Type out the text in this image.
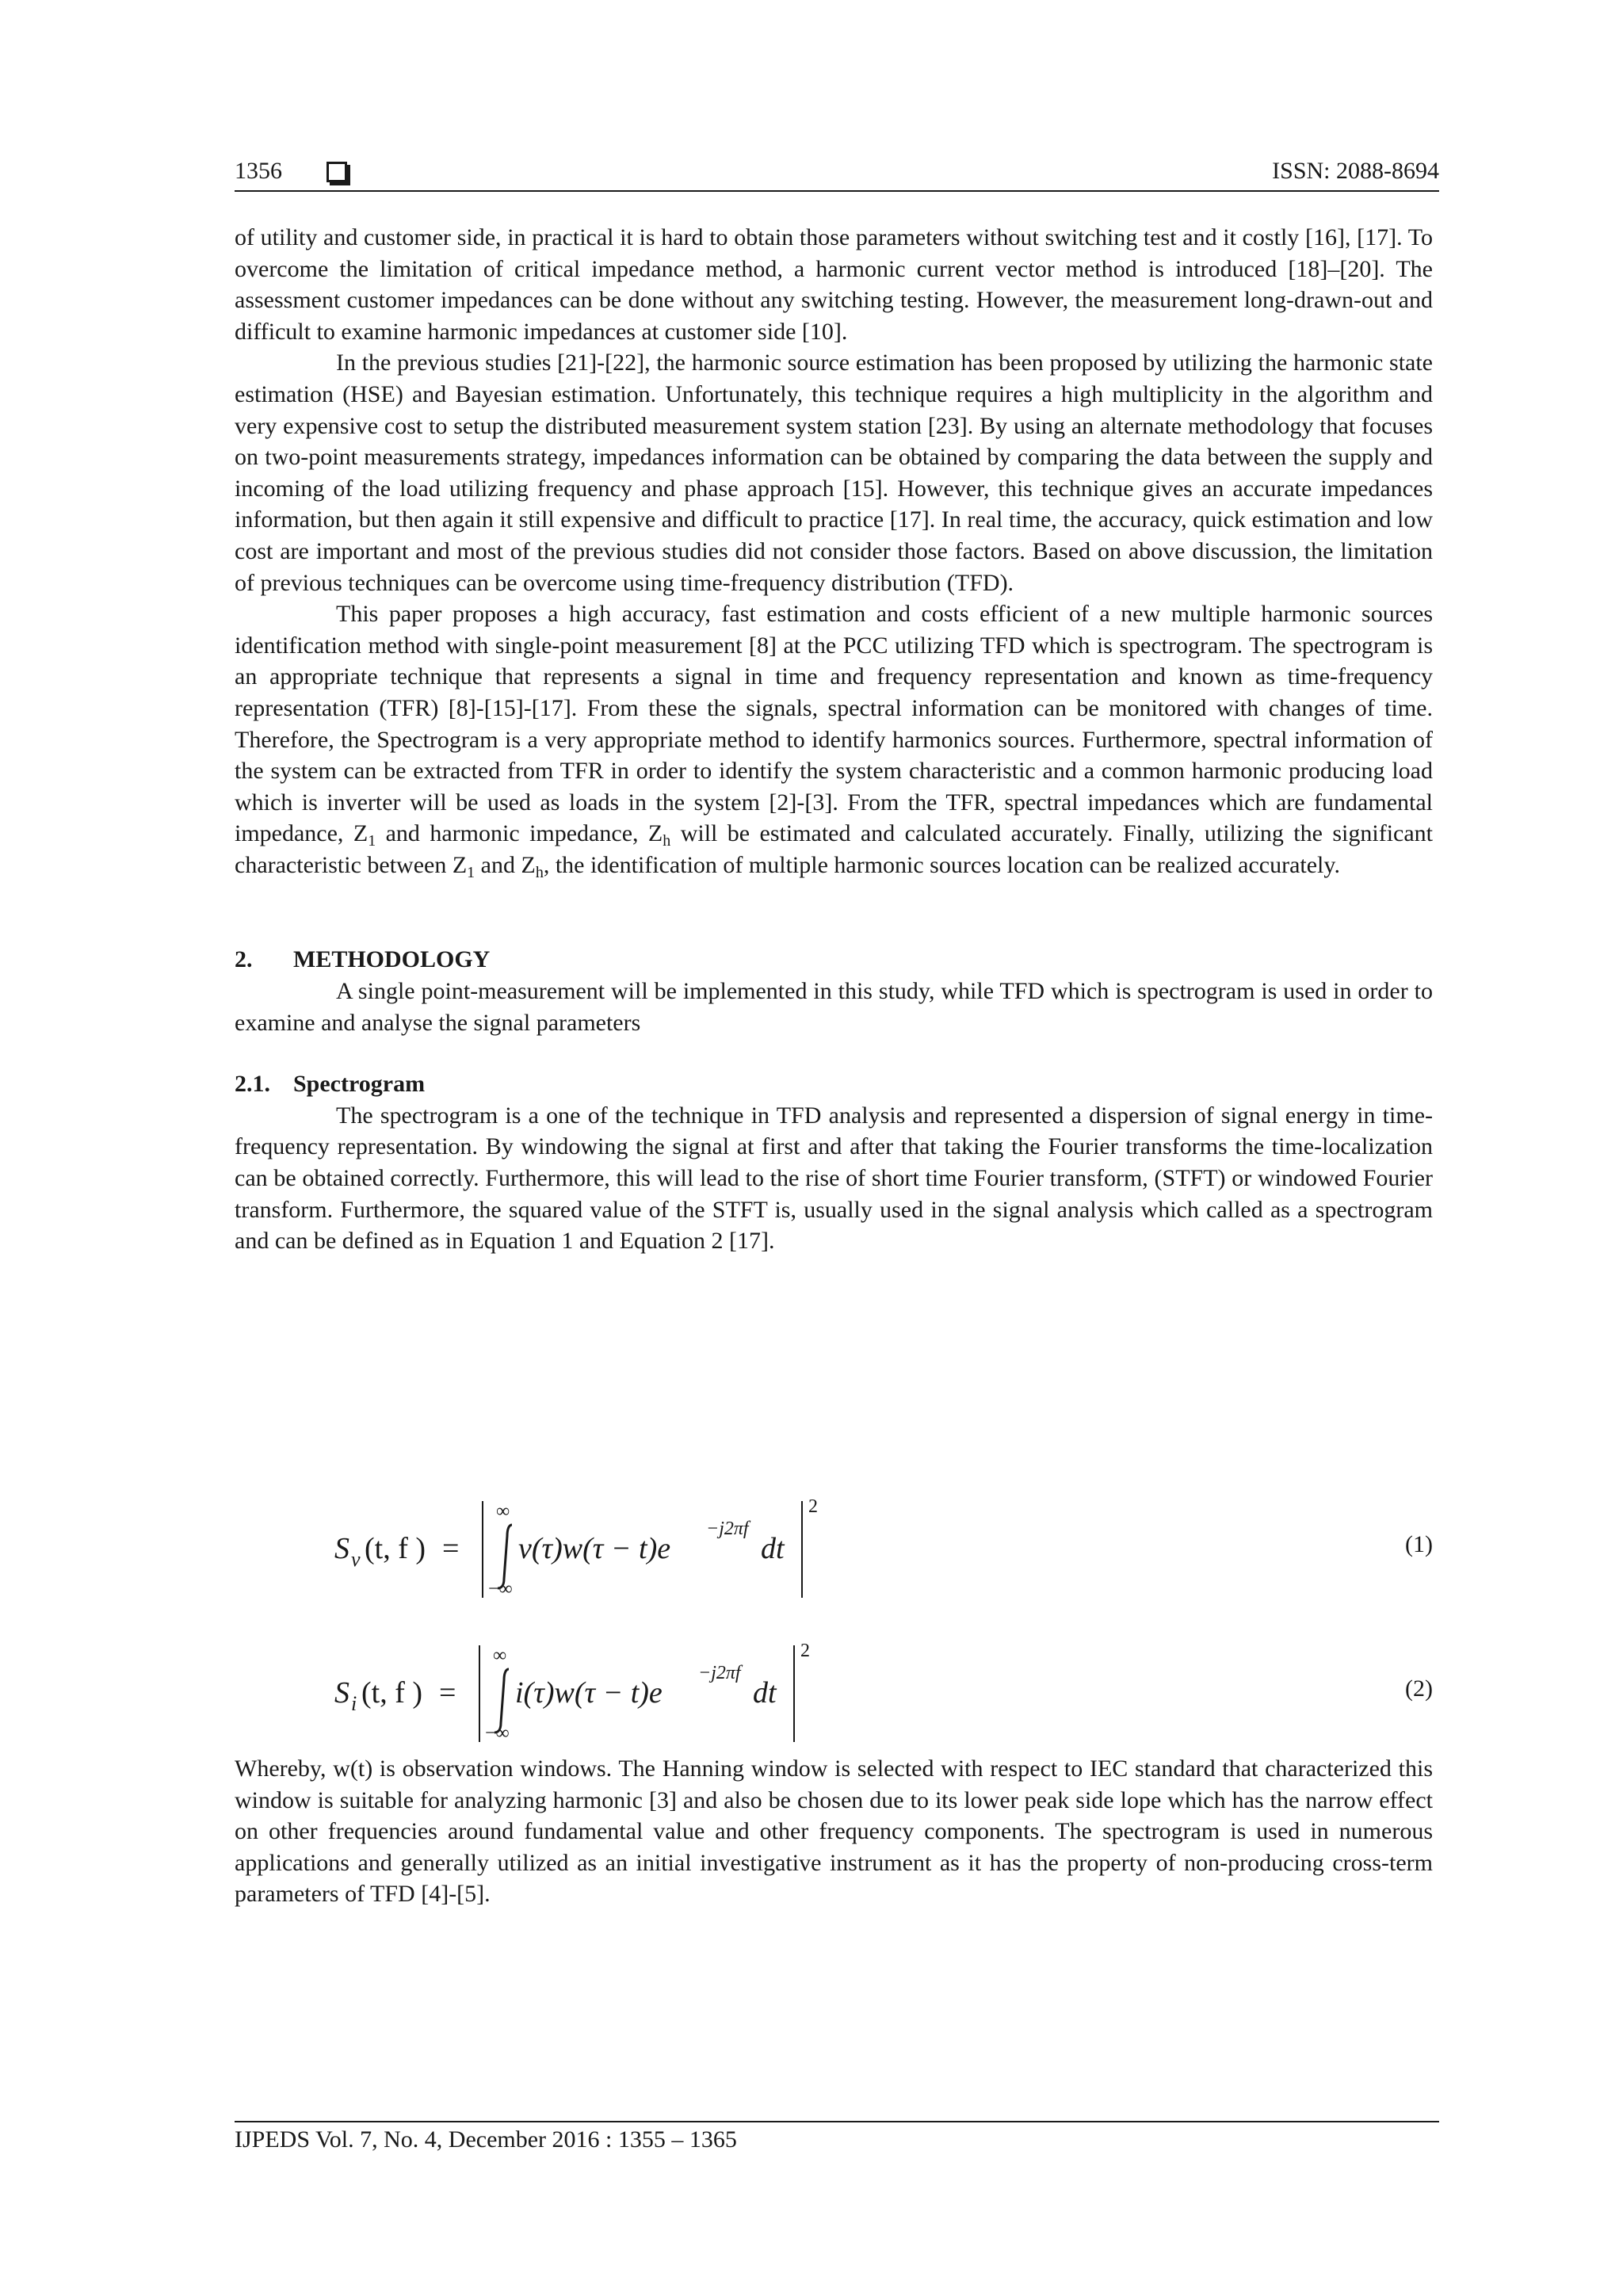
1356	ISSN: 2088-8694

of utility and customer side, in practical it is hard to obtain those parameters without switching test and it costly [16], [17]. To overcome the limitation of critical impedance method, a harmonic current vector method is introduced [18]–[20]. The assessment customer impedances can be done without any switching testing. However, the measurement long-drawn-out and difficult to examine harmonic impedances at customer side [10].

In the previous studies [21]-[22], the harmonic source estimation has been proposed by utilizing the harmonic state estimation (HSE) and Bayesian estimation. Unfortunately, this technique requires a high multiplicity in the algorithm and very expensive cost to setup the distributed measurement system station [23]. By using an alternate methodology that focuses on two-point measurements strategy, impedances information can be obtained by comparing the data between the supply and incoming of the load utilizing frequency and phase approach [15]. However, this technique gives an accurate impedances information, but then again it still expensive and difficult to practice [17]. In real time, the accuracy, quick estimation and low cost are important and most of the previous studies did not consider those factors. Based on above discussion, the limitation of previous techniques can be overcome using time-frequency distribution (TFD).

This paper proposes a high accuracy, fast estimation and costs efficient of a new multiple harmonic sources identification method with single-point measurement [8] at the PCC utilizing TFD which is spectrogram. The spectrogram is an appropriate technique that represents a signal in time and frequency representation and known as time-frequency representation (TFR) [8]-[15]-[17]. From these the signals, spectral information can be monitored with changes of time. Therefore, the Spectrogram is a very appropriate method to identify harmonics sources. Furthermore, spectral information of the system can be extracted from TFR in order to identify the system characteristic and a common harmonic producing load which is inverter will be used as loads in the system [2]-[3]. From the TFR, spectral impedances which are fundamental impedance, $Z_1$ and harmonic impedance, $Z_h$ will be estimated and calculated accurately. Finally, utilizing the significant characteristic between $Z_1$ and $Z_h$, the identification of multiple harmonic sources location can be realized accurately.

2. METHODOLOGY

A single point-measurement will be implemented in this study, while TFD which is spectrogram is used in order to examine and analyse the signal parameters

2.1. Spectrogram

The spectrogram is a one of the technique in TFD analysis and represented a dispersion of signal energy in time-frequency representation. By windowing the signal at first and after that taking the Fourier transforms the time-localization can be obtained correctly. Furthermore, this will lead to the rise of short time Fourier transform, (STFT) or windowed Fourier transform. Furthermore, the squared value of the STFT is, usually used in the signal analysis which called as a spectrogram and can be defined as in Equation 1 and Equation 2 [17].

S v (t, f ) =
∞
−∞
v(τ)w(τ − t)e
−j2πf
dt
2
(1)
S i (t, f ) =
∞
−∞
i(τ)w(τ − t)e
−j2πf
dt
2
(2)

Whereby, w(t) is observation windows. The Hanning window is selected with respect to IEC standard that characterized this window is suitable for analyzing harmonic [3] and also be chosen due to its lower peak side lope which has the narrow effect on other frequencies around fundamental value and other frequency components. The spectrogram is used in numerous applications and generally utilized as an initial investigative instrument as it has the property of non-producing cross-term parameters of TFD [4]-[5].

IJPEDS Vol. 7, No. 4, December 2016 : 1355 – 1365
